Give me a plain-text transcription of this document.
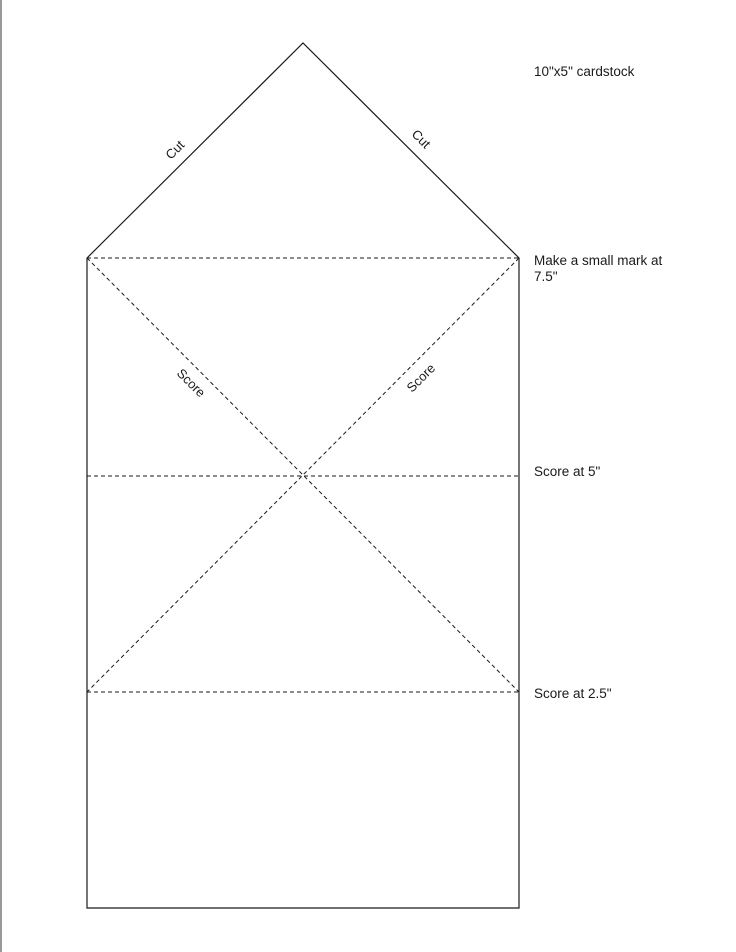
Cut	Cut
Score	Score
10"x5" cardstock
Make a small mark at
7.5"
Score at 5"
Score at 2.5"
